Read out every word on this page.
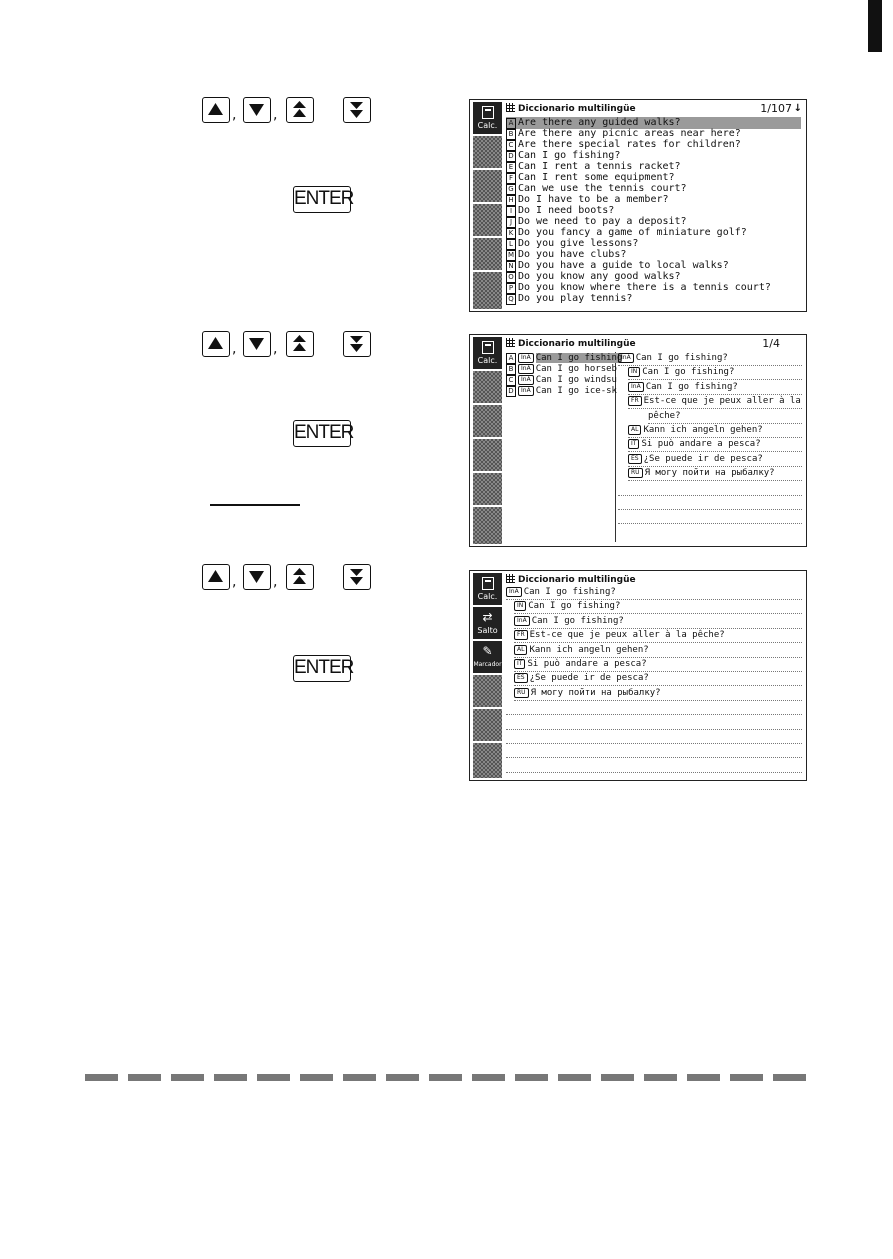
,	,
ENTER
,	,
ENTER
,	,
ENTER
Calc.
Diccionario multilingüe	1/107 ↓
A Are there any guided walks?
B Are there any picnic areas near here?
C Are there special rates for children?
D Can I go fishing?
E Can I rent a tennis racket?
F Can I rent some equipment?
G Can we use the tennis court?
H Do I have to be a member?
I Do I need boots?
J Do we need to pay a deposit?
K Do you fancy a game of miniature golf?
L Do you give lessons?
M Do you have clubs?
N Do you have a guide to local walks?
O Do you know any good walks?
P Do you know where there is a tennis court?
Q Do you play tennis?
Calc.
Diccionario multilingüe	1/4
A InA Can I go fishing
B InA Can I go horseb
C InA Can I go windsu
D InA Can I go ice-sk
InA Can I go fishing?
IN Can I go fishing?
InA Can I go fishing?
FR Est-ce que je peux aller à la
pêche?
AL Kann ich angeln gehen?
IT Si può andare a pesca?
ES ¿Se puede ir de pesca?
RU Я могу пойти на рыбалку?
Calc.
⇄
Salto
✎
Marcador
Diccionario multilingüe
InA Can I go fishing?
IN Can I go fishing?
InA Can I go fishing?
FR Est-ce que je peux aller à la pêche?
AL Kann ich angeln gehen?
IT Si può andare a pesca?
ES ¿Se puede ir de pesca?
RU Я могу пойти на рыбалку?
